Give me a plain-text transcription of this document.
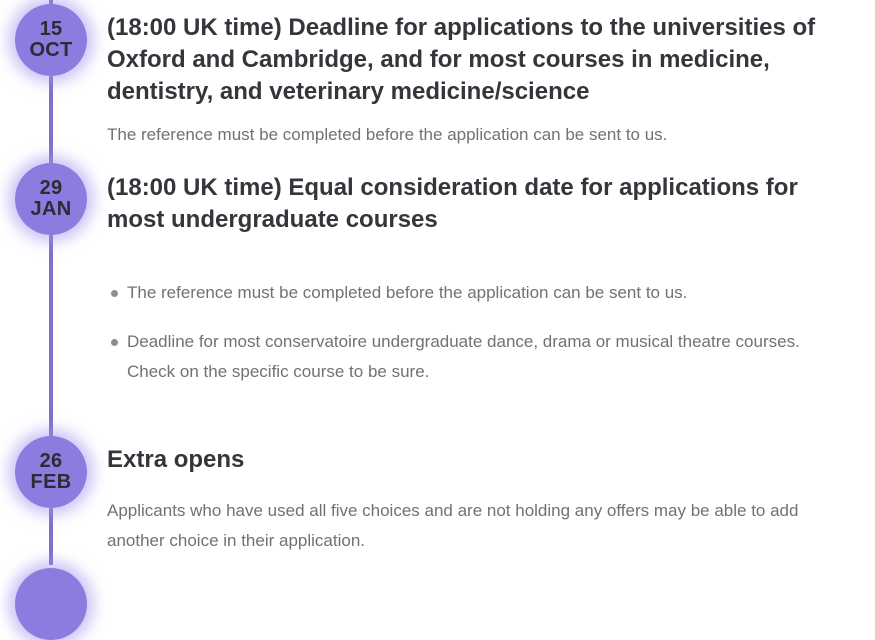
15
OCT
(18:00 UK time) Deadline for applications to the universities of Oxford and Cambridge, and for most courses in medicine, dentistry, and veterinary medicine/science
The reference must be completed before the application can be sent to us.
29
JAN
(18:00 UK time) Equal consideration date for applications for most undergraduate courses
The reference must be completed before the application can be sent to us.
Deadline for most conservatoire undergraduate dance, drama or musical theatre courses. Check on the specific course to be sure.
26
FEB
Extra opens
Applicants who have used all five choices and are not holding any offers may be able to add another choice in their application.
